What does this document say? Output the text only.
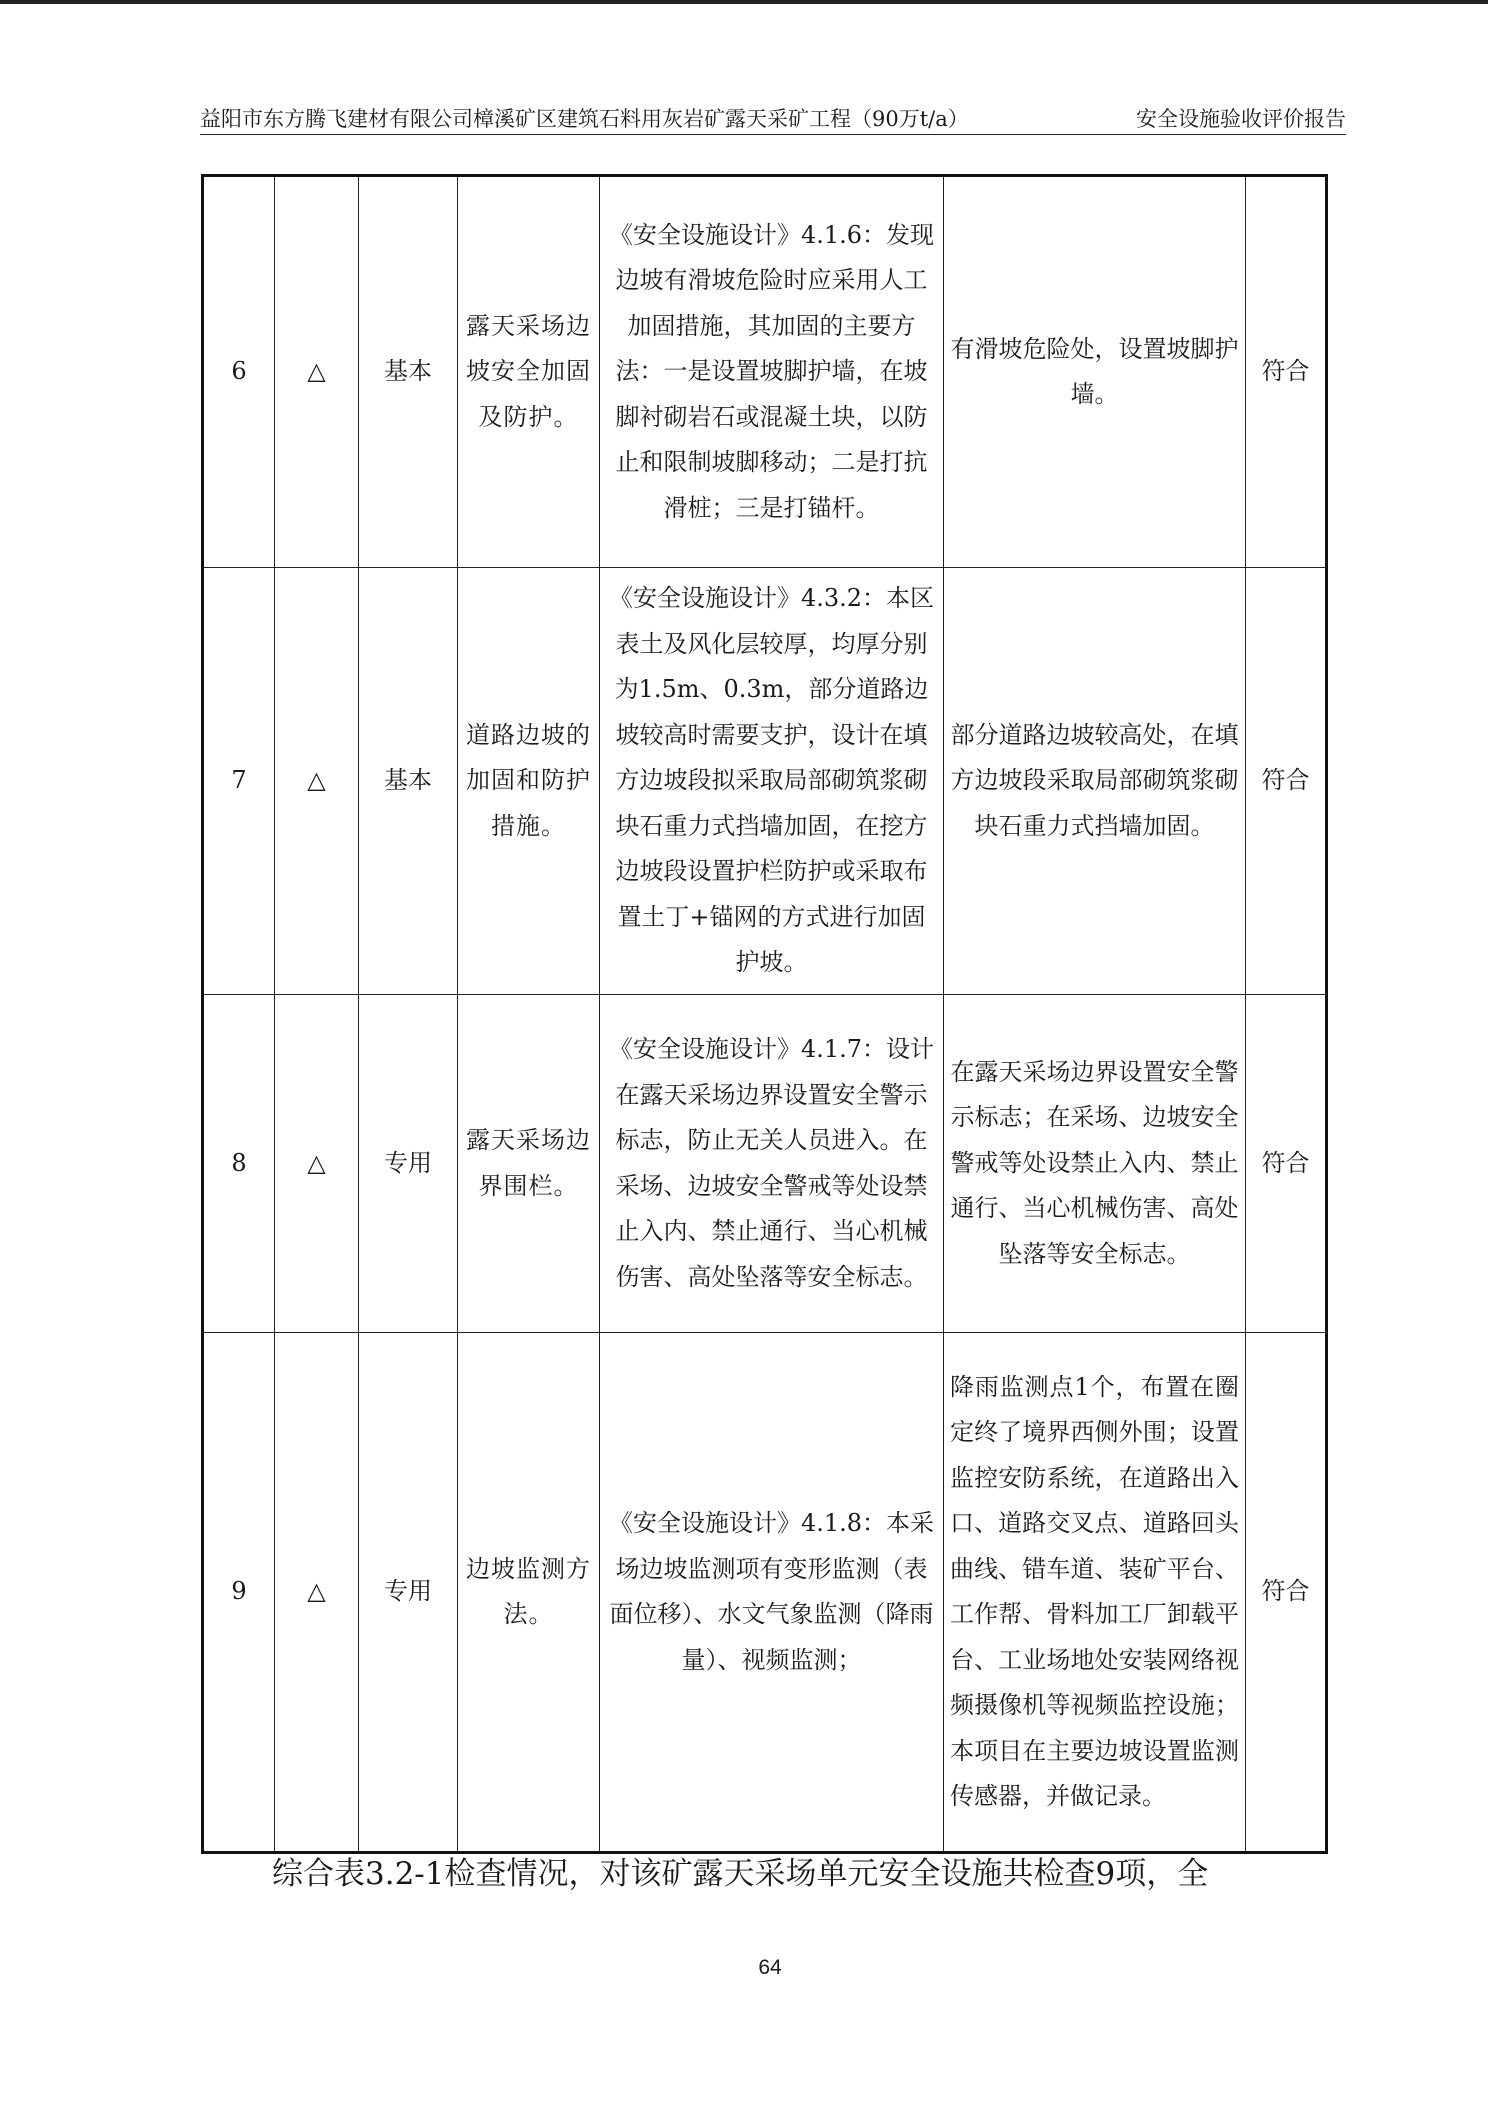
益阳市东方腾飞建材有限公司樟溪矿区建筑石料用灰岩矿露天采矿工程（90万t/a）	安全设施验收评价报告
6	△	基本	露天采场边坡安全加固及防护。	《安全设施设计》4.1.6：发现边坡有滑坡危险时应采用人工加固措施，其加固的主要方法：一是设置坡脚护墙，在坡脚衬砌岩石或混凝土块，以防止和限制坡脚移动；二是打抗滑桩；三是打锚杆。	有滑坡危险处，设置坡脚护墙。	符合
7	△	基本	道路边坡的加固和防护措施。	《安全设施设计》4.3.2：本区表土及风化层较厚，均厚分别为1.5m、0.3m，部分道路边坡较高时需要支护，设计在填方边坡段拟采取局部砌筑浆砌块石重力式挡墙加固，在挖方边坡段设置护栏防护或采取布置土丁+锚网的方式进行加固护坡。	部分道路边坡较高处，在填方边坡段采取局部砌筑浆砌块石重力式挡墙加固。	符合
8	△	专用	露天采场边界围栏。	《安全设施设计》4.1.7：设计在露天采场边界设置安全警示标志，防止无关人员进入。在采场、边坡安全警戒等处设禁止入内、禁止通行、当心机械伤害、高处坠落等安全标志。	在露天采场边界设置安全警示标志；在采场、边坡安全警戒等处设禁止入内、禁止通行、当心机械伤害、高处坠落等安全标志。	符合
9	△	专用	边坡监测方法。	《安全设施设计》4.1.8：本采场边坡监测项有变形监测（表面位移）、水文气象监测（降雨量）、视频监测；	降雨监测点1个，布置在圈定终了境界西侧外围；设置监控安防系统，在道路出入口、道路交叉点、道路回头曲线、错车道、装矿平台、工作帮、骨料加工厂卸载平台、工业场地处安装网络视频摄像机等视频监控设施；本项目在主要边坡设置监测传感器，并做记录。	符合
综合表3.2-1检查情况，对该矿露天采场单元安全设施共检查9项，全
64
